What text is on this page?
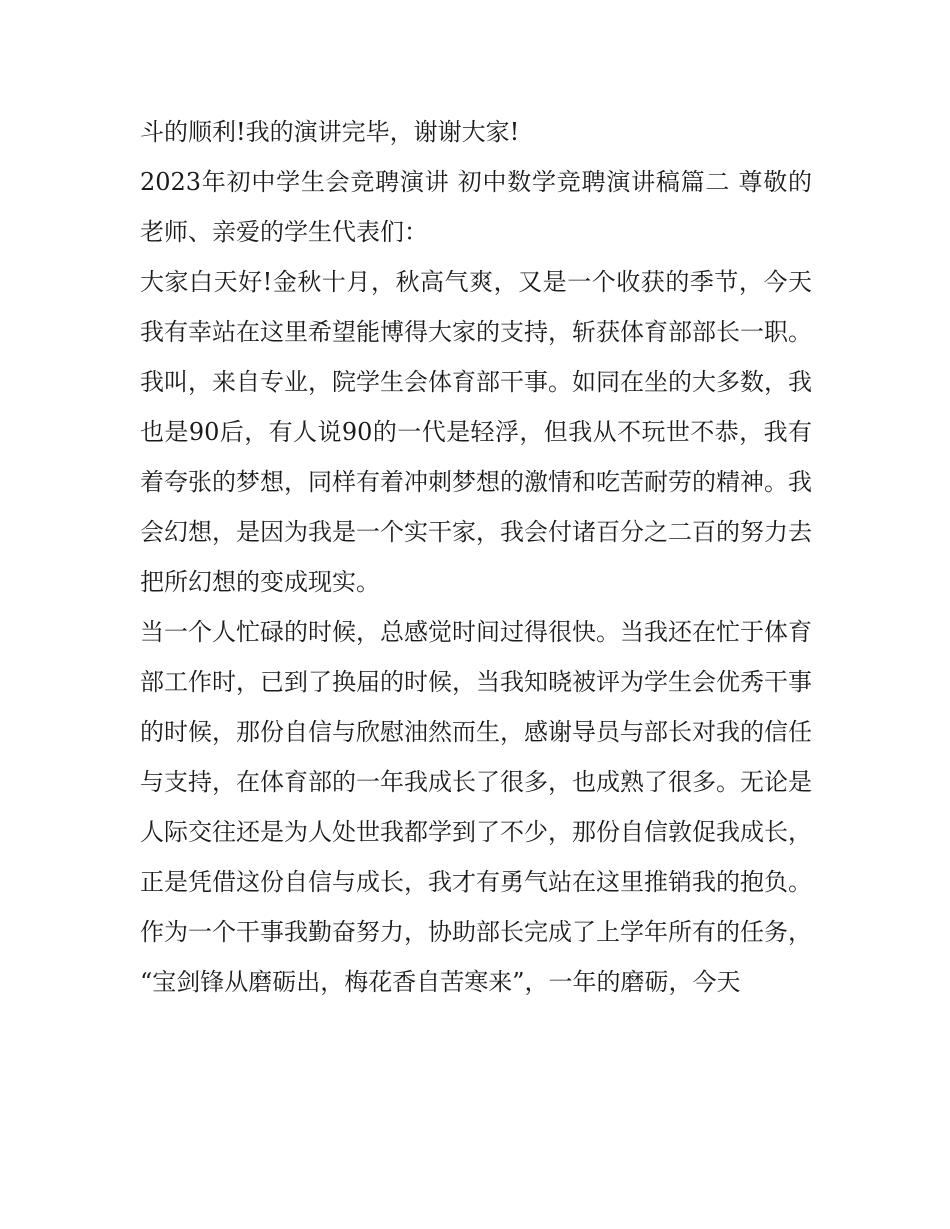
斗的顺利!我的演讲完毕，谢谢大家!

2023年初中学生会竞聘演讲 初中数学竞聘演讲稿篇二 尊敬的老师、亲爱的学生代表们：

大家白天好!金秋十月，秋高气爽，又是一个收获的季节，今天我有幸站在这里希望能博得大家的支持，斩获体育部部长一职。

我叫，来自专业，院学生会体育部干事。如同在坐的大多数，我也是90后，有人说90的一代是轻浮，但我从不玩世不恭，我有着夸张的梦想，同样有着冲刺梦想的激情和吃苦耐劳的精神。我会幻想，是因为我是一个实干家，我会付诸百分之二百的努力去把所幻想的变成现实。

当一个人忙碌的时候，总感觉时间过得很快。当我还在忙于体育部工作时，已到了换届的时候，当我知晓被评为学生会优秀干事的时候，那份自信与欣慰油然而生，感谢导员与部长对我的信任与支持，在体育部的一年我成长了很多，也成熟了很多。无论是人际交往还是为人处世我都学到了不少，那份自信敦促我成长，正是凭借这份自信与成长，我才有勇气站在这里推销我的抱负。

作为一个干事我勤奋努力，协助部长完成了上学年所有的任务，“宝剑锋从磨砺出，梅花香自苦寒来”，一年的磨砺，今天
